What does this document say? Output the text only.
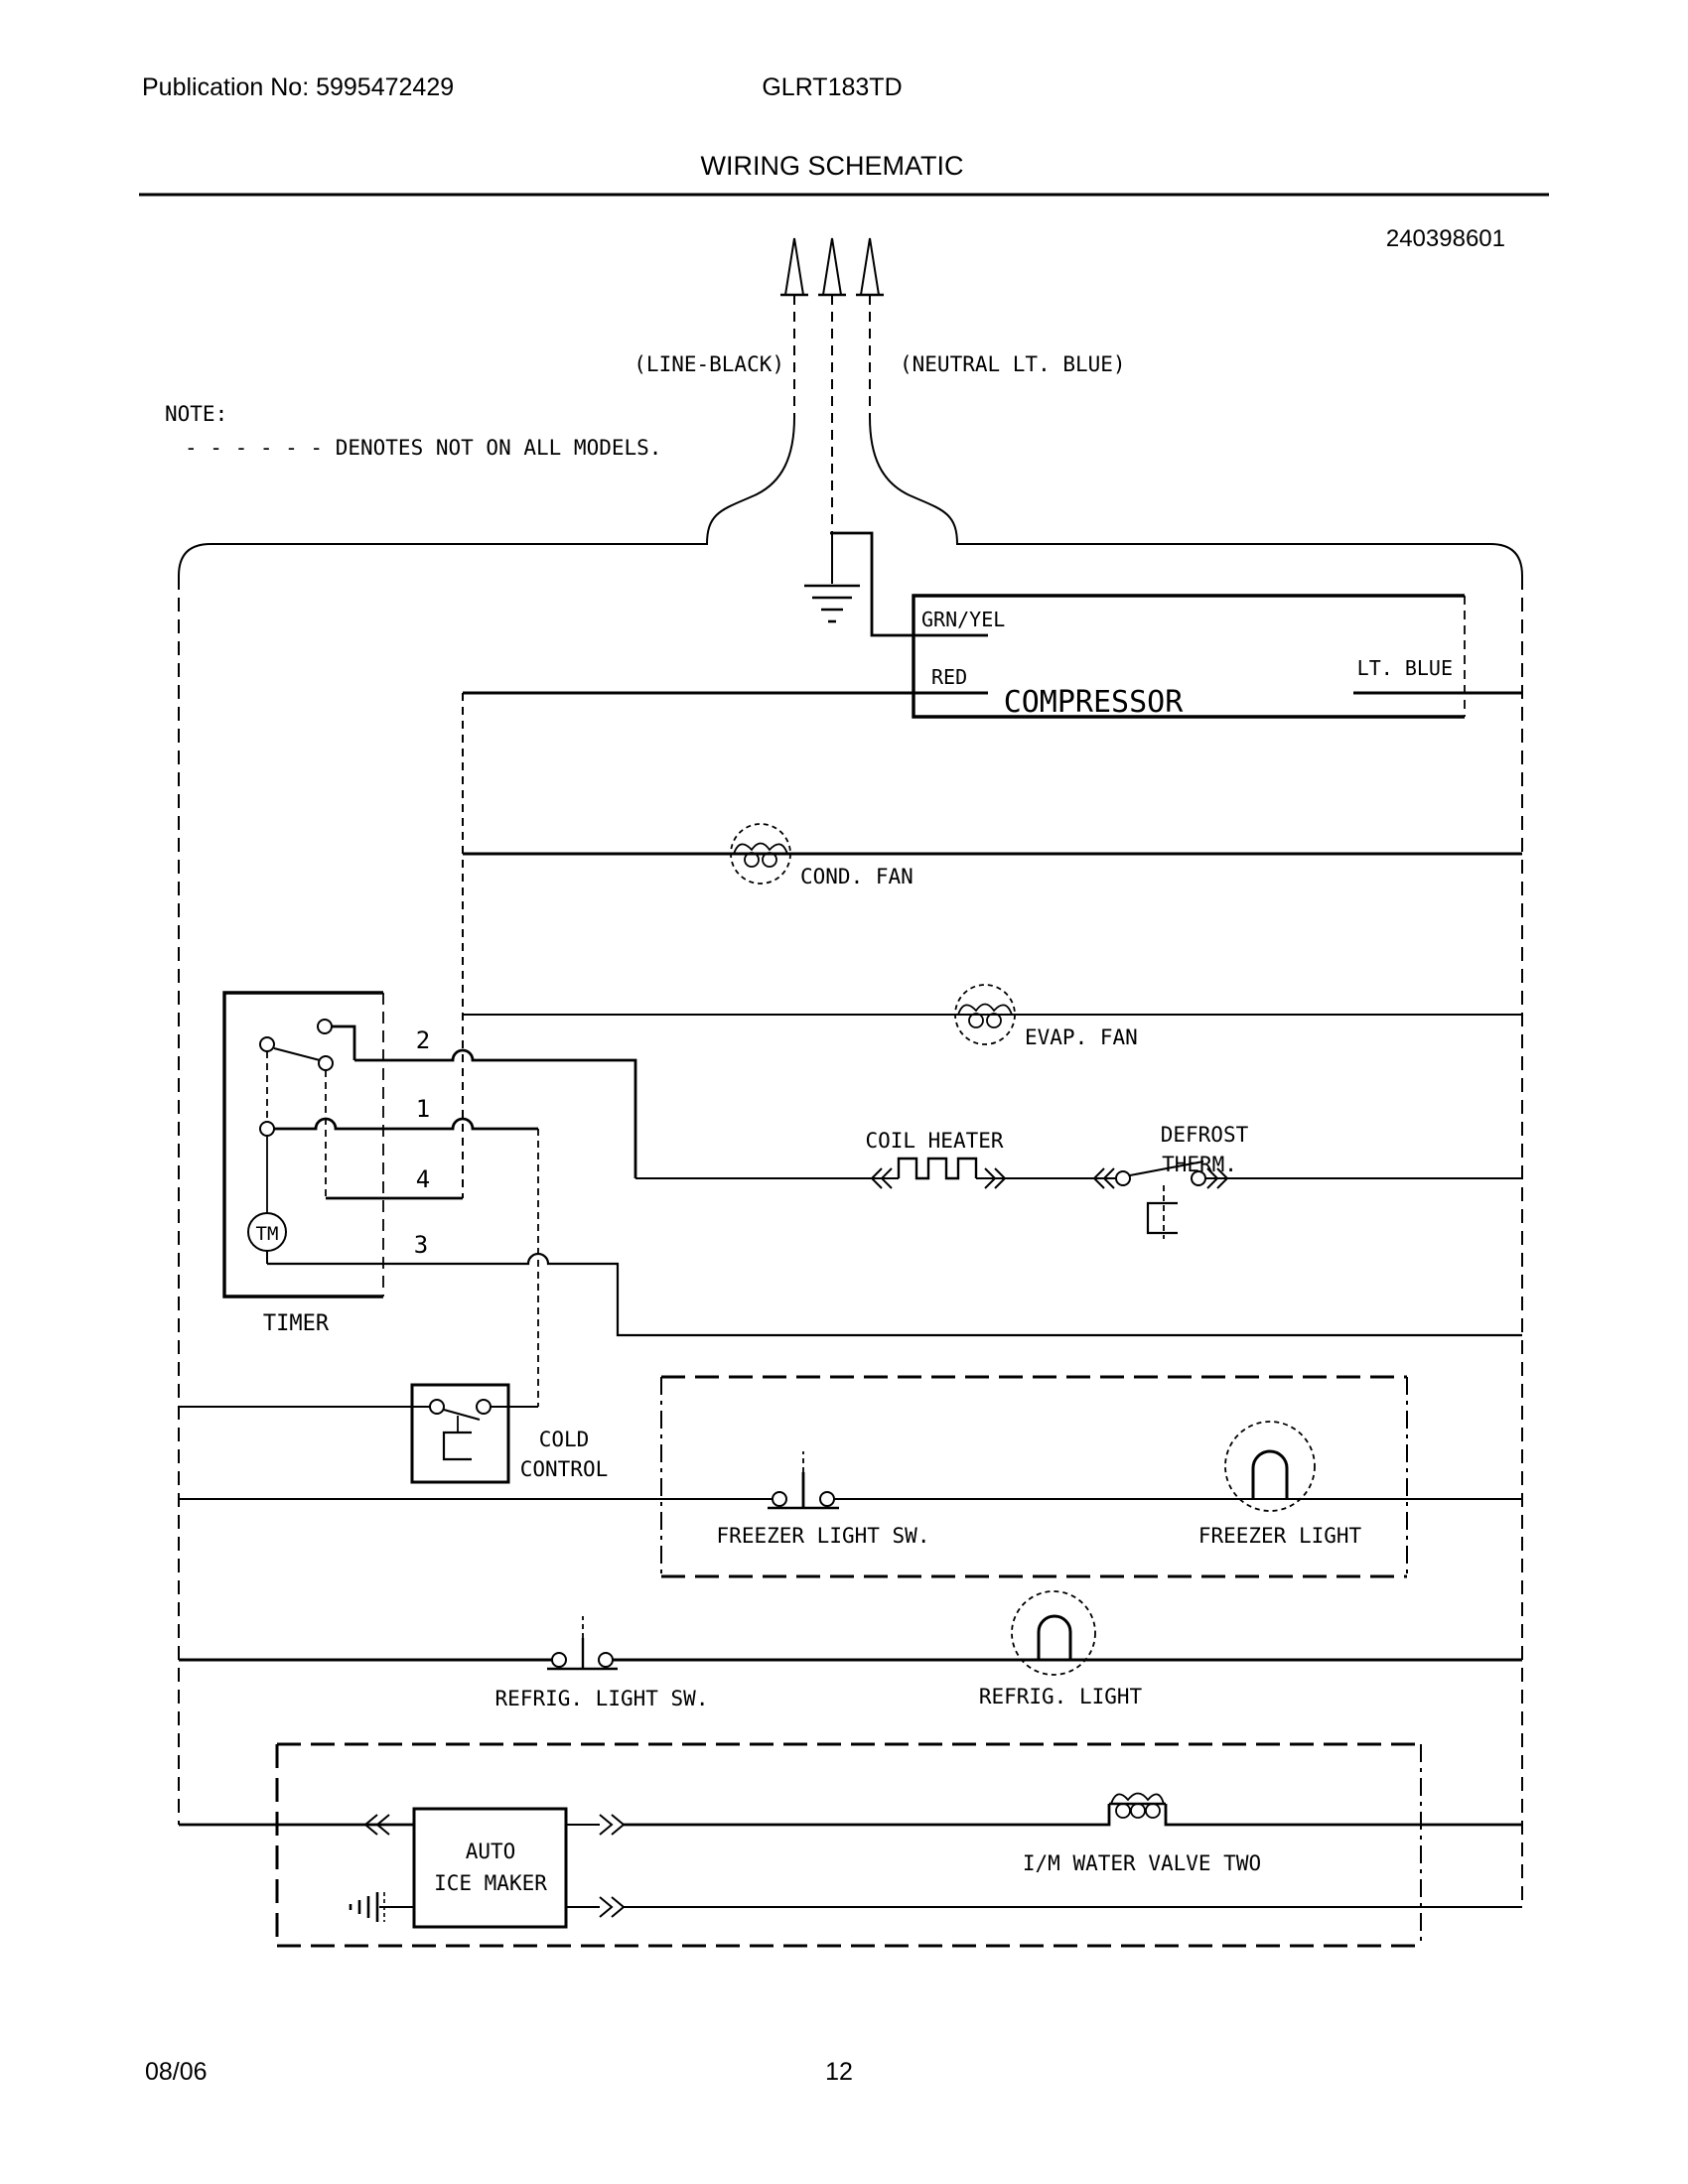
Publication No: 5995472429	GLRT183TD
WIRING SCHEMATIC
240398601
NOTE:
- - - - - - DENOTES NOT ON ALL MODELS.
(LINE-BLACK)	(NEUTRAL LT. BLUE)
GRN/YEL
RED	LT. BLUE
COMPRESSOR
COND. FAN
EVAP. FAN
TM
2
1
4
3
TIMER
COIL HEATER	DEFROST
THERM.
COLD
CONTROL
FREEZER LIGHT SW.	FREEZER LIGHT
REFRIG. LIGHT SW.	REFRIG. LIGHT
AUTO
ICE MAKER
I/M WATER VALVE TWO
08/06	12
